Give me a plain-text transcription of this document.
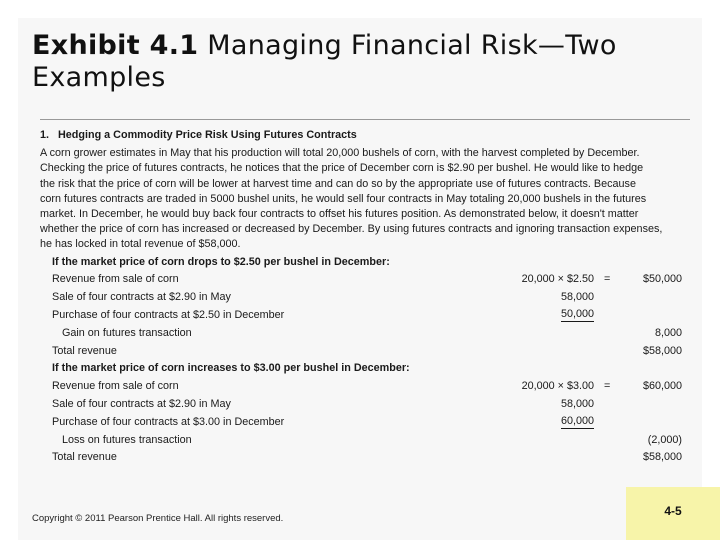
Exhibit 4.1 Managing Financial Risk—Two Examples
1. Hedging a Commodity Price Risk Using Futures Contracts
A corn grower estimates in May that his production will total 20,000 bushels of corn, with the harvest completed by December.
Checking the price of futures contracts, he notices that the price of December corn is $2.90 per bushel. He would like to hedge
the risk that the price of corn will be lower at harvest time and can do so by the appropriate use of futures contracts. Because
corn futures contracts are traded in 5000 bushel units, he would sell four contracts in May totaling 20,000 bushels in the futures
market. In December, he would buy back four contracts to offset his futures position. As demonstrated below, it doesn't matter
whether the price of corn has increased or decreased by December. By using futures contracts and ignoring transaction expenses,
he has locked in total revenue of $58,000.
If the market price of corn drops to $2.50 per bushel in December:
Revenue from sale of corn	20,000 × $2.50 =	$50,000
Sale of four contracts at $2.90 in May	58,000
Purchase of four contracts at $2.50 in December	50,000
Gain on futures transaction	8,000
Total revenue	$58,000
If the market price of corn increases to $3.00 per bushel in December:
Revenue from sale of corn	20,000 × $3.00 =	$60,000
Sale of four contracts at $2.90 in May	58,000
Purchase of four contracts at $3.00 in December	60,000
Loss on futures transaction	(2,000)
Total revenue	$58,000
Copyright © 2011 Pearson Prentice Hall. All rights reserved.
4-5
